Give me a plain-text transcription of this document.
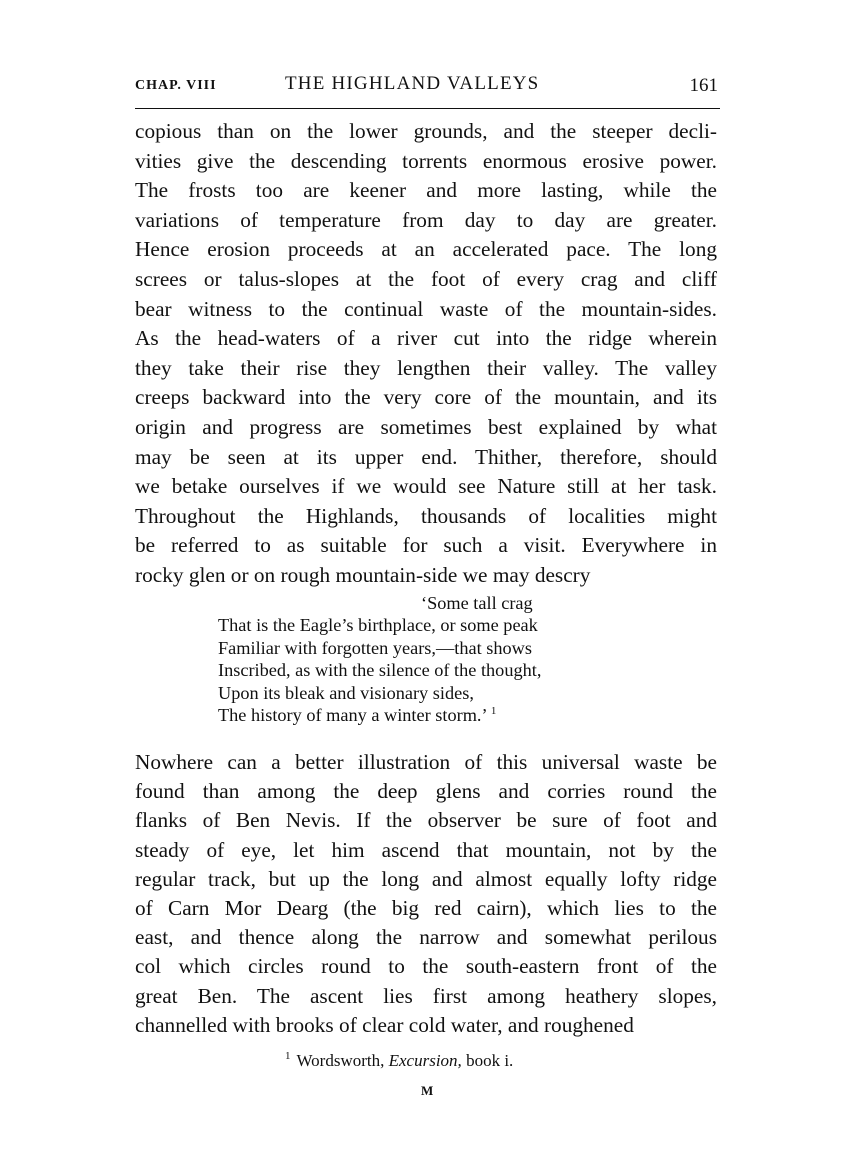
CHAP. VIII	THE HIGHLAND VALLEYS	161
copious than on the lower grounds, and the steeper decli-
vities give the descending torrents enormous erosive power.
The frosts too are keener and more lasting, while the
variations of temperature from day to day are greater.
Hence erosion proceeds at an accelerated pace. The long
screes or talus-slopes at the foot of every crag and cliff
bear witness to the continual waste of the mountain-sides.
As the head-waters of a river cut into the ridge wherein
they take their rise they lengthen their valley. The valley
creeps backward into the very core of the mountain, and its
origin and progress are sometimes best explained by what
may be seen at its upper end. Thither, therefore, should
we betake ourselves if we would see Nature still at her task.
Throughout the Highlands, thousands of localities might
be referred to as suitable for such a visit. Everywhere in
rocky glen or on rough mountain-side we may descry
‘Some tall crag
That is the Eagle’s birthplace, or some peak
Familiar with forgotten years,—that shows
Inscribed, as with the silence of the thought,
Upon its bleak and visionary sides,
The history of many a winter storm.’ $^1$
Nowhere can a better illustration of this universal waste be
found than among the deep glens and corries round the
flanks of Ben Nevis. If the observer be sure of foot and
steady of eye, let him ascend that mountain, not by the
regular track, but up the long and almost equally lofty ridge
of Carn Mor Dearg (the big red cairn), which lies to the
east, and thence along the narrow and somewhat perilous
col which circles round to the south-eastern front of the
great Ben. The ascent lies first among heathery slopes,
channelled with brooks of clear cold water, and roughened
$^1$ Wordsworth, Excursion, book i.
M
